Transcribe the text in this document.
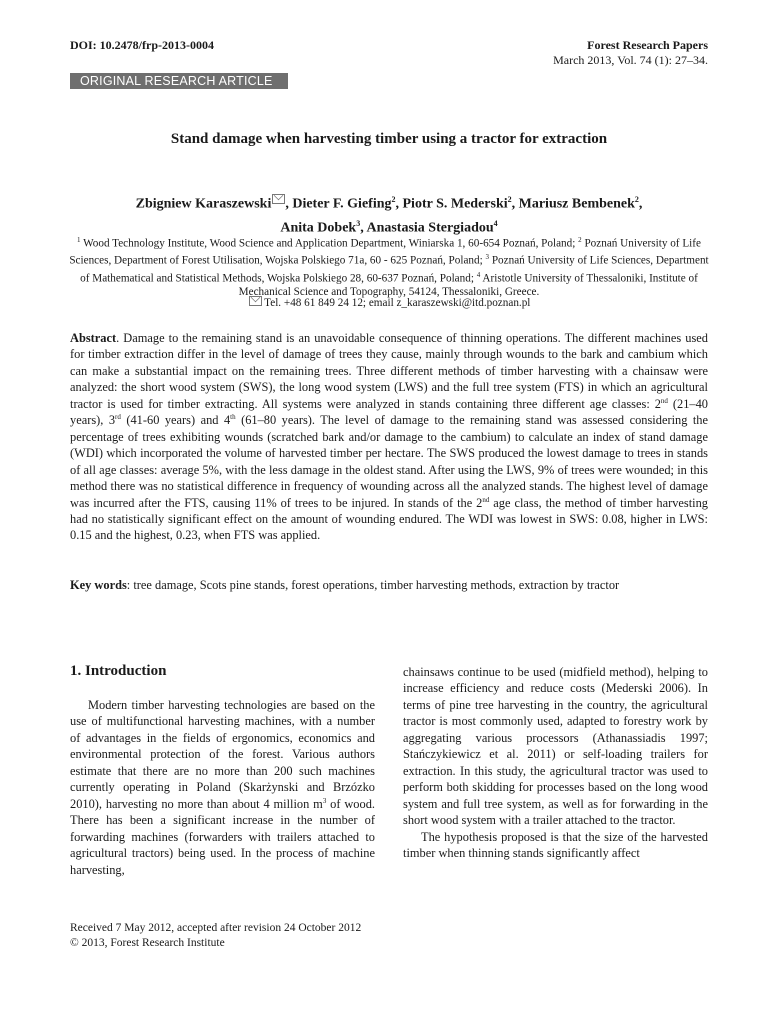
DOI: 10.2478/frp-2013-0004	Forest Research Papers
March 2013, Vol. 74 (1): 27–34.
ORIGINAL RESEARCH ARTICLE
Stand damage when harvesting timber using a tractor for extraction
Zbigniew Karaszewski , Dieter F. Giefing$^2$, Piotr S. Mederski$^2$, Mariusz Bembenek$^2$,
Anita Dobek$^3$, Anastasia Stergiadou$^4$
$^1$ Wood Technology Institute, Wood Science and Application Department, Winiarska 1, 60-654 Poznań, Poland; $^2$ Poznań University of Life Sciences, Department of Forest Utilisation, Wojska Polskiego 71a, 60 - 625 Poznań, Poland; $^3$ Poznań University of Life Sciences, Department of Mathematical and Statistical Methods, Wojska Polskiego 28, 60-637 Poznań, Poland; $^4$ Aristotle University of Thessaloniki, Institute of Mechanical Science and Topography, 54124, Thessaloniki, Greece.
Tel. +48 61 849 24 12; email z_karaszewski@itd.poznan.pl
Abstract. Damage to the remaining stand is an unavoidable consequence of thinning operations. The different machines used for timber extraction differ in the level of damage of trees they cause, mainly through wounds to the bark and cambium which can make a substantial impact on the remaining trees. Three different methods of timber harvesting with a chainsaw were analyzed: the short wood system (SWS), the long wood system (LWS) and the full tree system (FTS) in which an agricultural tractor is used for timber extracting. All systems were analyzed in stands containing three different age classes: 2nd (21–40 years), 3rd (41-60 years) and 4th (61–80 years). The level of damage to the remaining stand was assessed considering the percentage of trees exhibiting wounds (scratched bark and/or damage to the cambium) to calculate an index of stand damage (WDI) which incorporated the volume of harvested timber per hectare. The SWS produced the lowest damage to trees in stands of all age classes: average 5%, with the less damage in the oldest stand. After using the LWS, 9% of trees were wounded; in this method there was no statistical difference in frequency of wounding across all the analyzed stands. The highest level of damage was incurred after the FTS, causing 11% of trees to be injured. In stands of the 2nd age class, the method of timber harvesting had no statistically significant effect on the amount of wounding endured. The WDI was lowest in SWS: 0.08, higher in LWS: 0.15 and the highest, 0.23, when FTS was applied.
Key words: tree damage, Scots pine stands, forest operations, timber harvesting methods, extraction by tractor
1. Introduction

Modern timber harvesting technologies are based on the use of multifunctional harvesting machines, with a number of advantages in the fields of ergonomics, economics and environmental protection of the forest. Various authors estimate that there are no more than 200 such machines currently operating in Poland (Skarżynski and Brzózko 2010), harvesting no more than about 4 million $m^3$ of wood. There has been a significant increase in the number of forwarding machines (forwarders with trailers attached to agricultural tractors) being used. In the process of machine harvesting,

chainsaws continue to be used (midfield method), helping to increase efficiency and reduce costs (Mederski 2006). In terms of pine tree harvesting in the country, the agricultural tractor is most commonly used, adapted to forestry work by aggregating various processors (Athanassiadis 1997; Stańczykiewicz et al. 2011) or self-loading trailers for extraction. In this study, the agricultural tractor was used to perform both skidding for processes based on the long wood system and full tree system, as well as for forwarding in the short wood system with a trailer attached to the tractor.

The hypothesis proposed is that the size of the harvested timber when thinning stands significantly affect

Received 7 May 2012, accepted after revision 24 October 2012
© 2013, Forest Research Institute
